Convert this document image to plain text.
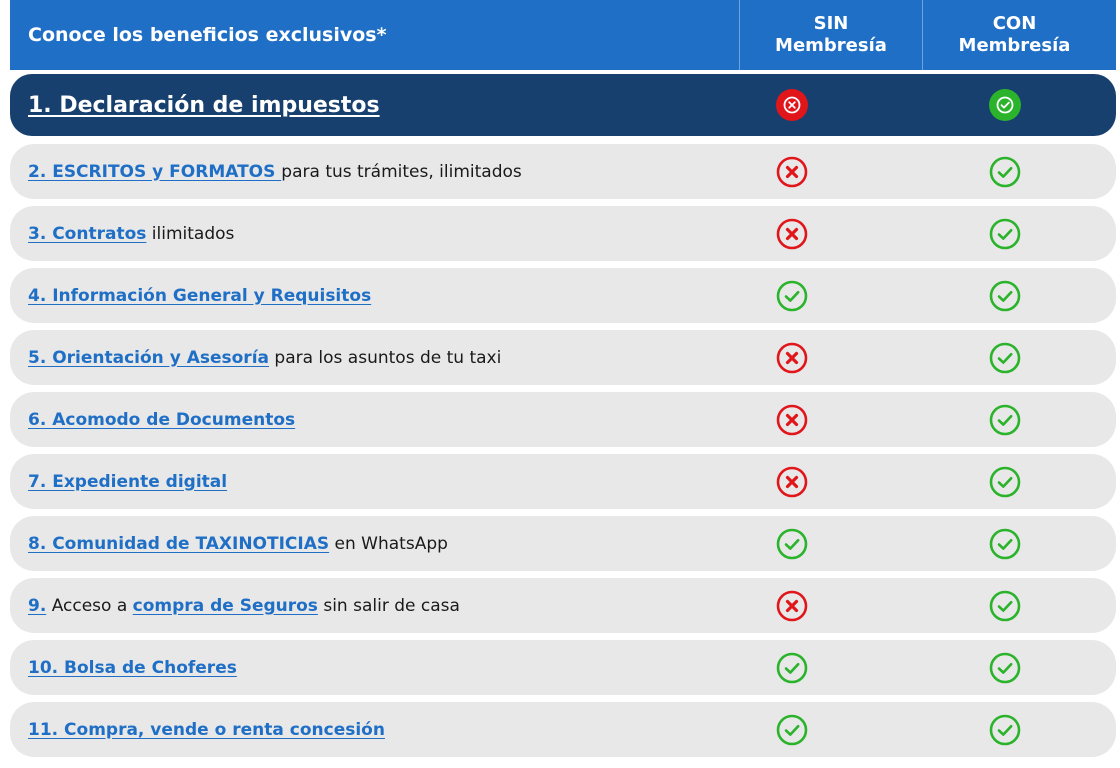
Conoce los beneficios exclusivos*
SIN
Membresía
CON
Membresía
1. Declaración de impuestos
2. ESCRITOS y FORMATOS para tus trámites, ilimitados
3. Contratos ilimitados
4. Información General y Requisitos
5. Orientación y Asesoría para los asuntos de tu taxi
6. Acomodo de Documentos
7. Expediente digital
8. Comunidad de TAXINOTICIAS en WhatsApp
9. Acceso a compra de Seguros sin salir de casa
10. Bolsa de Choferes
11. Compra, vende o renta concesión
